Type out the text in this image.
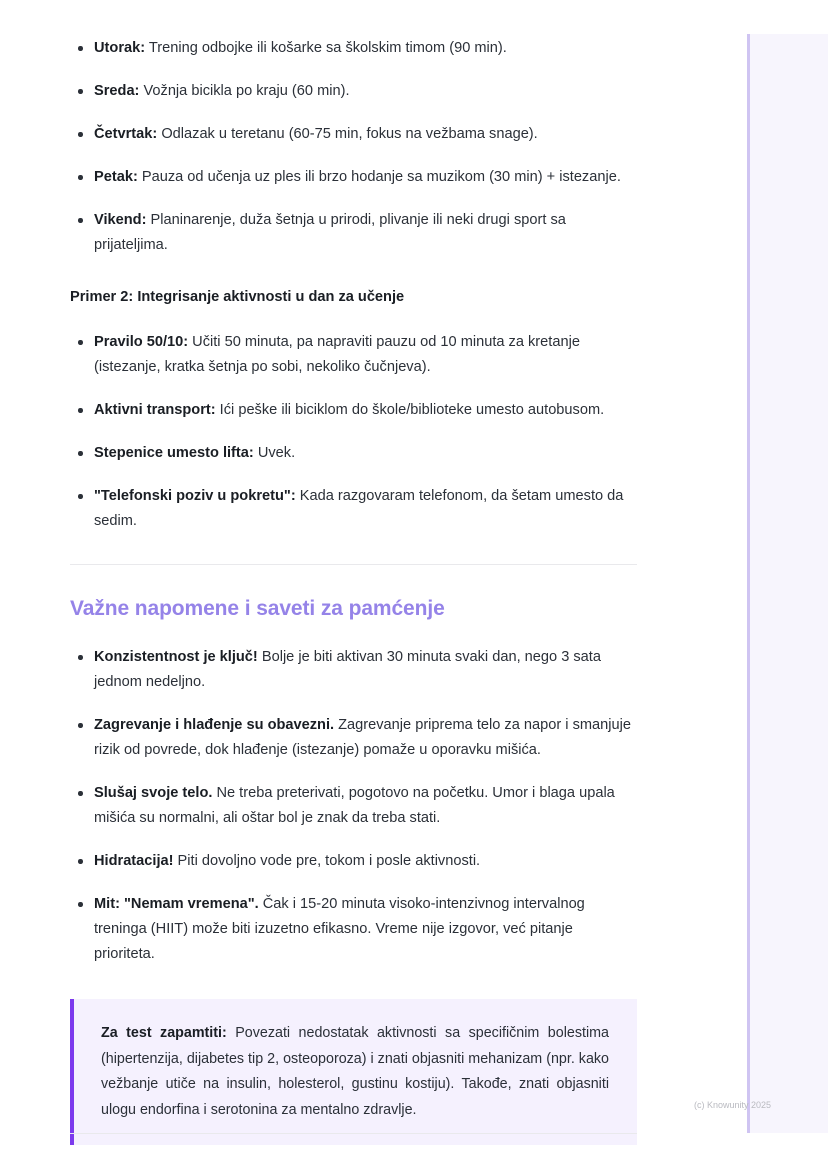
Utorak: Trening odbojke ili košarke sa školskim timom (90 min).
Sreda: Vožnja bicikla po kraju (60 min).
Četvrtak: Odlazak u teretanu (60-75 min, fokus na vežbama snage).
Petak: Pauza od učenja uz ples ili brzo hodanje sa muzikom (30 min) + istezanje.
Vikend: Planinarenje, duža šetnja u prirodi, plivanje ili neki drugi sport sa prijateljima.
Primer 2: Integrisanje aktivnosti u dan za učenje
Pravilo 50/10: Učiti 50 minuta, pa napraviti pauzu od 10 minuta za kretanje (istezanje, kratka šetnja po sobi, nekoliko čučnjeva).
Aktivni transport: Ići peške ili biciklom do škole/biblioteke umesto autobusom.
Stepenice umesto lifta: Uvek.
"Telefonski poziv u pokretu": Kada razgovaram telefonom, da šetam umesto da sedim.
Važne napomene i saveti za pamćenje
Konzistentnost je ključ! Bolje je biti aktivan 30 minuta svaki dan, nego 3 sata jednom nedeljno.
Zagrevanje i hlađenje su obavezni. Zagrevanje priprema telo za napor i smanjuje rizik od povrede, dok hlađenje (istezanje) pomaže u oporavku mišića.
Slušaj svoje telo. Ne treba preterivati, pogotovo na početku. Umor i blaga upala mišića su normalni, ali oštar bol je znak da treba stati.
Hidratacija! Piti dovoljno vode pre, tokom i posle aktivnosti.
Mit: "Nemam vremena". Čak i 15-20 minuta visoko-intenzivnog intervalnog treninga (HIIT) može biti izuzetno efikasno. Vreme nije izgovor, već pitanje prioriteta.

Za test zapamtiti: Povezati nedostatak aktivnosti sa specifičnim bolestima (hipertenzija, dijabetes tip 2, osteoporoza) i znati objasniti mehanizam (npr. kako vežbanje utiče na insulin, holesterol, gustinu kostiju). Takođe, znati objasniti ulogu endorfina i serotonina za mentalno zdravlje.	(c) Knowunity 2025
